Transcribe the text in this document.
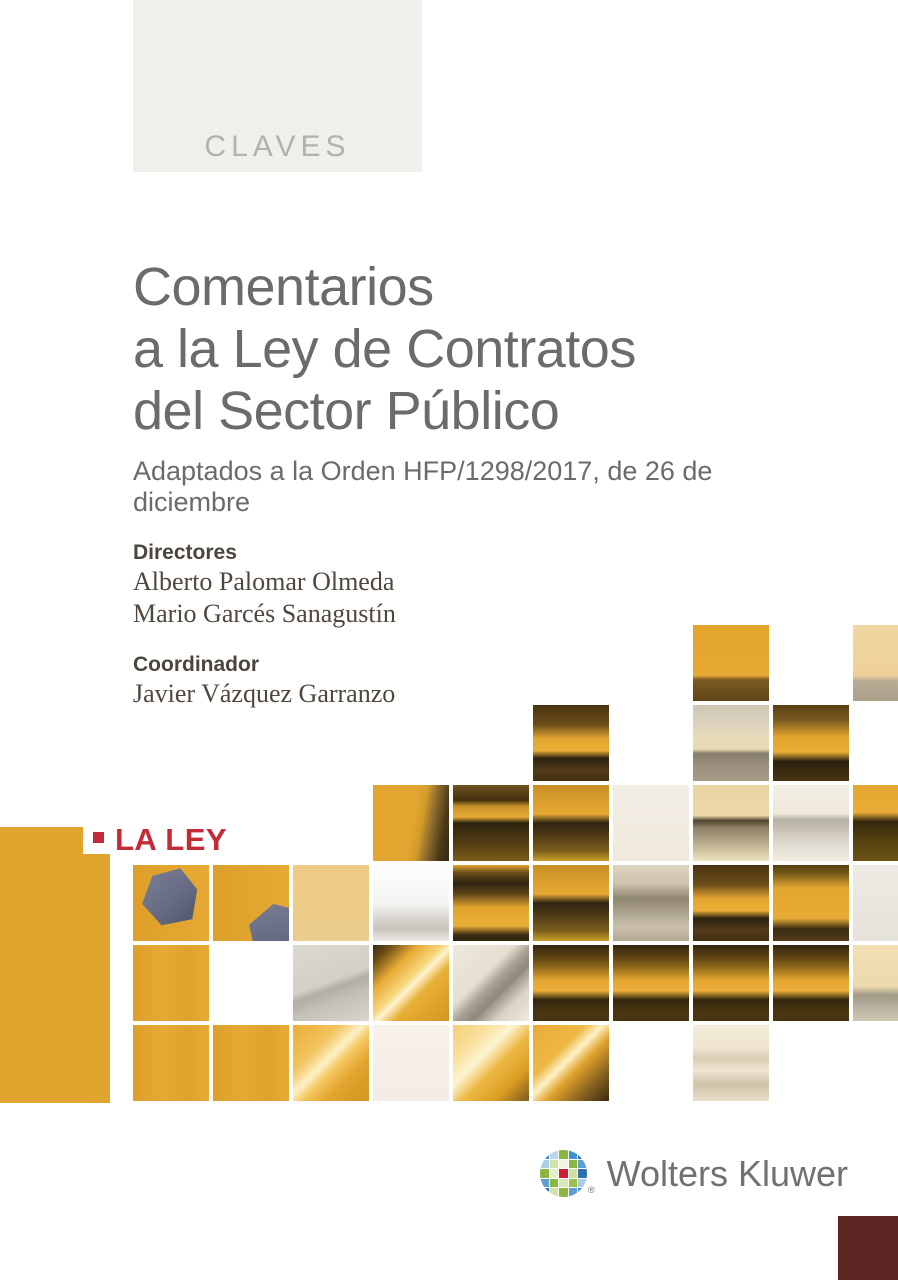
CLAVES
Comentarios
a la Ley de Contratos
del Sector Público
Adaptados a la Orden HFP/1298/2017, de 26 de diciembre
Directores
Alberto Palomar Olmeda
Mario Garcés Sanagustín
Coordinador
Javier Vázquez Garranzo
LA LEY
® Wolters Kluwer
